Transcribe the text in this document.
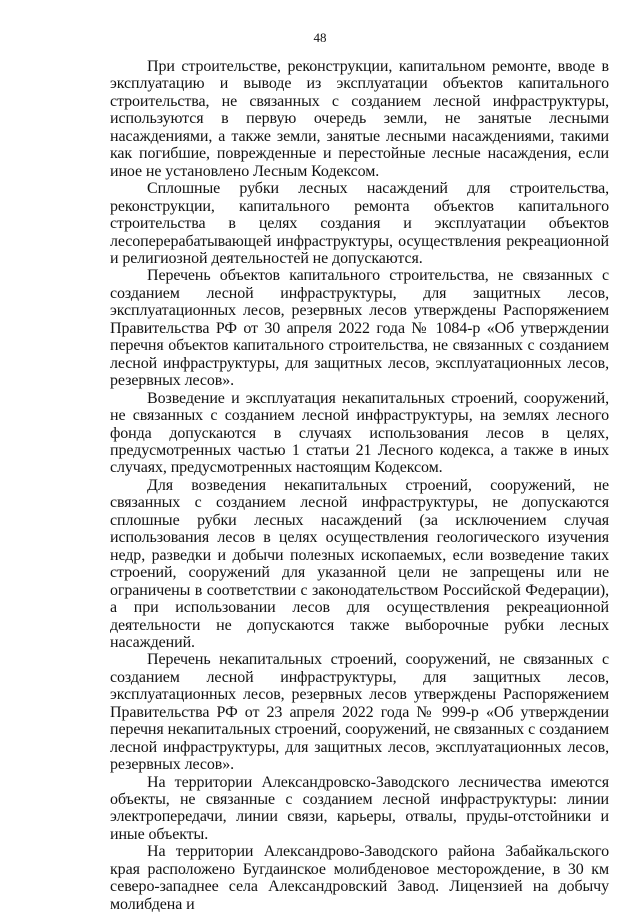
48

При строительстве, реконструкции, капитальном ремонте, вводе в эксплуатацию и выводе из эксплуатации объектов капитального строительства, не связанных с созданием лесной инфраструктуры, используются в первую очередь земли, не занятые лесными насаждениями, а также земли, занятые лесными насаждениями, такими как погибшие, поврежденные и перестойные лесные насаждения, если иное не установлено Лесным Кодексом.

Сплошные рубки лесных насаждений для строительства, реконструкции, капитального ремонта объектов капитального строительства в целях создания и эксплуатации объектов лесоперерабатывающей инфраструктуры, осуществления рекреационной и религиозной деятельностей не допускаются.

Перечень объектов капитального строительства, не связанных с созданием лесной инфраструктуры, для защитных лесов, эксплуатационных лесов, резервных лесов утверждены Распоряжением Правительства РФ от 30 апреля 2022 года № 1084-р «Об утверждении перечня объектов капитального строительства, не связанных с созданием лесной инфраструктуры, для защитных лесов, эксплуатационных лесов, резервных лесов».

Возведение и эксплуатация некапитальных строений, сооружений, не связанных с созданием лесной инфраструктуры, на землях лесного фонда допускаются в случаях использования лесов в целях, предусмотренных частью 1 статьи 21 Лесного кодекса, а также в иных случаях, предусмотренных настоящим Кодексом.

Для возведения некапитальных строений, сооружений, не связанных с созданием лесной инфраструктуры, не допускаются сплошные рубки лесных насаждений (за исключением случая использования лесов в целях осуществления геологического изучения недр, разведки и добычи полезных ископаемых, если возведение таких строений, сооружений для указанной цели не запрещены или не ограничены в соответствии с законодательством Российской Федерации), а при использовании лесов для осуществления рекреационной деятельности не допускаются также выборочные рубки лесных насаждений.

Перечень некапитальных строений, сооружений, не связанных с созданием лесной инфраструктуры, для защитных лесов, эксплуатационных лесов, резервных лесов утверждены Распоряжением Правительства РФ от 23 апреля 2022 года № 999-р «Об утверждении перечня некапитальных строений, сооружений, не связанных с созданием лесной инфраструктуры, для защитных лесов, эксплуатационных лесов, резервных лесов».

На территории Александровско-Заводского лесничества имеются объекты, не связанные с созданием лесной инфраструктуры: линии электропередачи, линии связи, карьеры, отвалы, пруды-отстойники и иные объекты.

На территории Александрово-Заводского района Забайкальского края расположено Бугдаинское молибденовое месторождение, в 30 км северо-западнее села Александровский Завод. Лицензией на добычу молибдена и
